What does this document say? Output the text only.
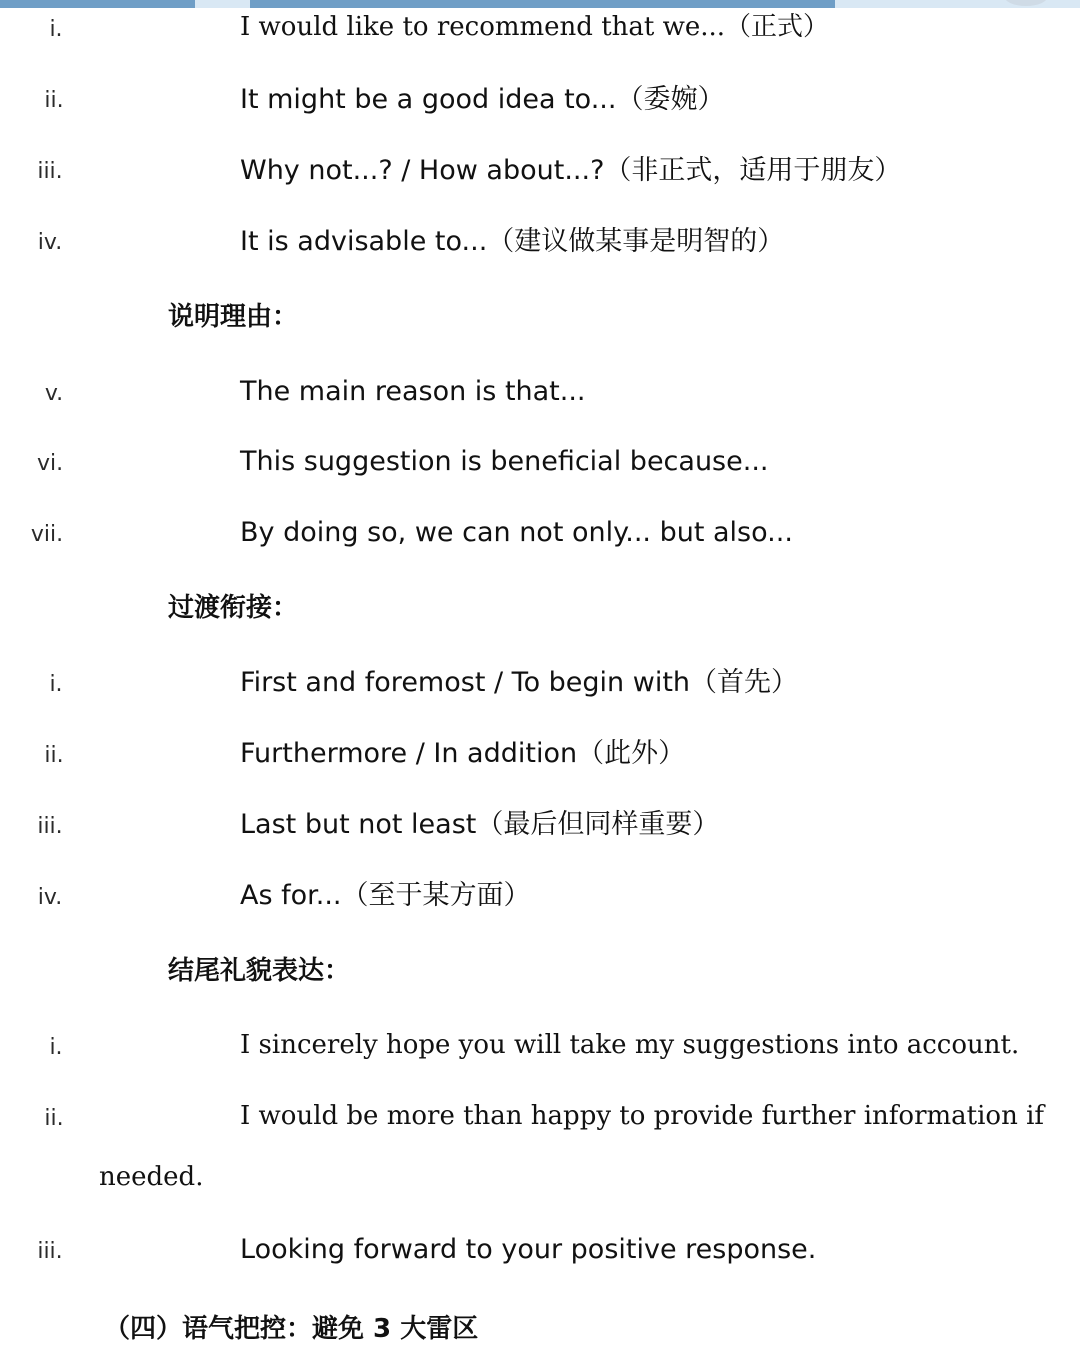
i.	I would like to recommend that we...（正式）
ii.	It might be a good idea to...（委婉）
iii.	Why not...? / How about...?（非正式，适用于朋友）
iv.	It is advisable to...（建议做某事是明智的）
说明理由：
v.	The main reason is that...
vi.	This suggestion is beneficial because...
vii.	By doing so, we can not only... but also...
过渡衔接：
i.	First and foremost / To begin with（首先）
ii.	Furthermore / In addition（此外）
iii.	Last but not least（最后但同样重要）
iv.	As for...（至于某方面）
结尾礼貌表达：
i.	I sincerely hope you will take my suggestions into account.
ii.	I would be more than happy to provide further information if
needed.
iii.	Looking forward to your positive response.
（四）语气把控：避免 3 大雷区
